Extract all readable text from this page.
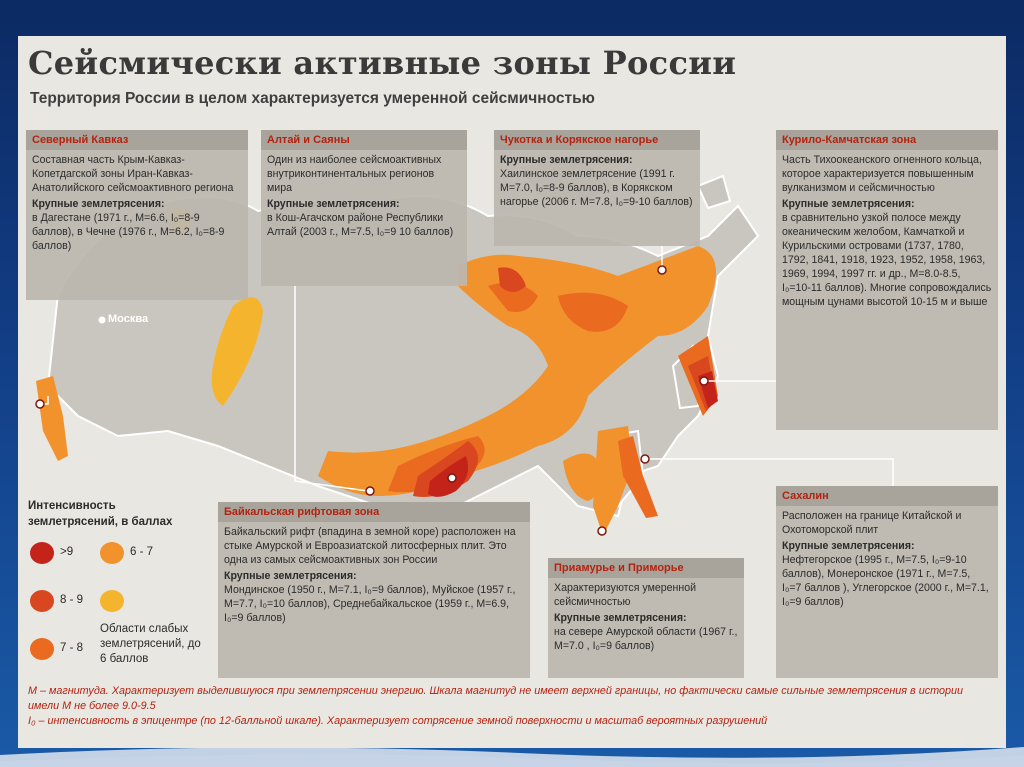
Сейсмически активные зоны России
Территория России в целом характеризуется умеренной сейсмичностью
Москва
Северный Кавказ
Составная часть Крым-Кавказ-Копетдагской зоны Иран-Кавказ-Анатолийского сейсмоактивного региона
Крупные землетрясения:
в Дагестане (1971 г., M=6.6, I₀=8-9 баллов), в Чечне (1976 г., M=6.2, I₀=8-9 баллов)
Алтай и Саяны
Один из наиболее сейсмоактивных внутриконтинентальных регионов мира
Крупные землетрясения:
в Кош-Агачском районе Республики Алтай (2003 г., M=7.5, I₀=9 10 баллов)
Чукотка и Корякское нагорье
Крупные землетрясения:
Хаилинское землетрясение (1991 г. M=7.0, I₀=8-9 баллов), в Корякском нагорье (2006 г. M=7.8, I₀=9-10 баллов)
Курило-Камчатская зона
Часть Тихоокеанского огненного кольца, которое характеризуется повышенным вулканизмом и сейсмичностью
Крупные землетрясения:
в сравнительно узкой полосе между океаническим желобом, Камчаткой и Курильскими островами (1737, 1780, 1792, 1841, 1918, 1923, 1952, 1958, 1963, 1969, 1994, 1997 гг. и др., M=8.0-8.5, I₀=10-11 баллов). Многие сопровождались мощным цунами высотой 10-15 м и выше
Байкальская рифтовая зона
Байкальский рифт (впадина в земной коре) расположен на стыке Амурской и Евроазиатской литосферных плит. Это одна из самых сейсмоактивных зон России
Крупные землетрясения:
Мондинское (1950 г., M=7.1, I₀=9 баллов), Муйское (1957 г., M=7.7, I₀=10 баллов), Среднебайкальское (1959 г., M=6.9, I₀=9 баллов)
Приамурье и Приморье
Характеризуются умеренной сейсмичностью
Крупные землетрясения:
на севере Амурской области (1967 г., M=7.0 , I₀=9 баллов)
Сахалин
Расположен на границе Китайской и Охотоморской плит
Крупные землетрясения:
Нефтегорское (1995 г., M=7.5, I₀=9-10 баллов), Монеронское (1971 г., M=7.5, I₀=7 баллов ), Углегорское (2000 г., M=7.1, I₀=9 баллов)
Интенсивность землетрясений, в баллах
>9
8 - 9
7 - 8
6 - 7
Области слабых землетрясений, до 6 баллов
M – магнитуда. Характеризует выделившуюся при землетрясении энергию. Шкала магнитуд не имеет верхней границы, но фактически самые сильные землетрясения в истории имели M не более 9.0-9.5
I₀ – интенсивность в эпицентре (по 12-балльной шкале). Характеризует сотрясение земной поверхности и масштаб вероятных разрушений
